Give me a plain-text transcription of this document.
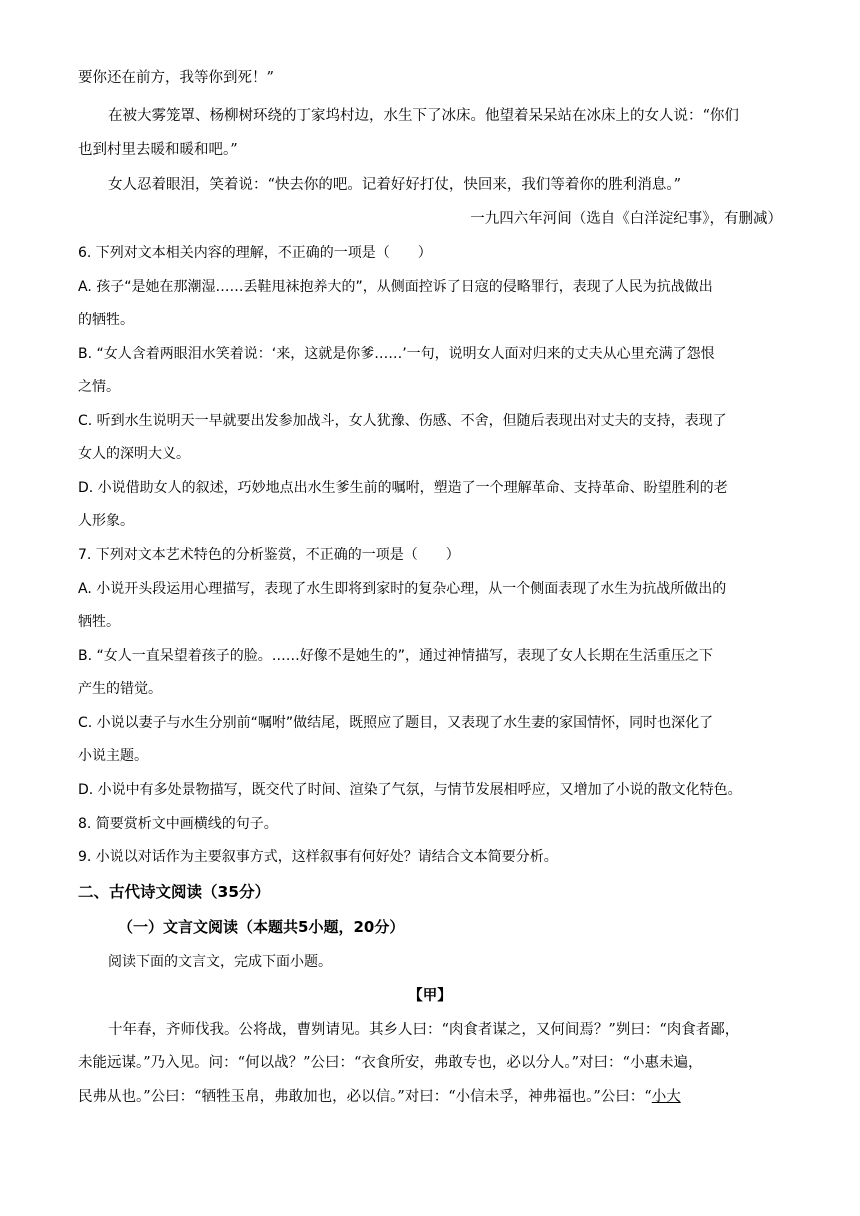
要你还在前方，我等你到死！”
在被大雾笼罩、杨柳树环绕的丁家坞村边，水生下了冰床。他望着呆呆站在冰床上的女人说：“你们
也到村里去暖和暖和吧。”
女人忍着眼泪，笑着说：“快去你的吧。记着好好打仗，快回来，我们等着你的胜利消息。”
一九四六年河间（选自《白洋淀纪事》，有删减）
6. 下列对文本相关内容的理解，不正确的一项是（　　）
A. 孩子“是她在那潮湿……丢鞋甩袜抱养大的”，从侧面控诉了日寇的侵略罪行，表现了人民为抗战做出
的牺牲。
B. “女人含着两眼泪水笑着说：‘来，这就是你爹……’一句，说明女人面对归来的丈夫从心里充满了怨恨
之情。
C. 听到水生说明天一早就要出发参加战斗，女人犹豫、伤感、不舍，但随后表现出对丈夫的支持，表现了
女人的深明大义。
D. 小说借助女人的叙述，巧妙地点出水生爹生前的嘱咐，塑造了一个理解革命、支持革命、盼望胜利的老
人形象。
7. 下列对文本艺术特色的分析鉴赏，不正确的一项是（　　）
A. 小说开头段运用心理描写，表现了水生即将到家时的复杂心理，从一个侧面表现了水生为抗战所做出的
牺牲。
B. “女人一直呆望着孩子的脸。……好像不是她生的”，通过神情描写，表现了女人长期在生活重压之下
产生的错觉。
C. 小说以妻子与水生分别前“嘱咐”做结尾，既照应了题目，又表现了水生妻的家国情怀，同时也深化了
小说主题。
D. 小说中有多处景物描写，既交代了时间、渲染了气氛，与情节发展相呼应，又增加了小说的散文化特色。
8. 简要赏析文中画横线的句子。
9. 小说以对话作为主要叙事方式，这样叙事有何好处？请结合文本简要分析。
二、古代诗文阅读（35分）
（一）文言文阅读（本题共5小题，20分）
阅读下面的文言文，完成下面小题。
【甲】
十年春，齐师伐我。公将战，曹刿请见。其乡人曰：“肉食者谋之，又何间焉？”刿曰：“肉食者鄙，
未能远谋。”乃入见。问：“何以战？”公曰：“衣食所安，弗敢专也，必以分人。”对曰：“小惠未遍，
民弗从也。”公曰：“牺牲玉帛，弗敢加也，必以信。”对曰：“小信未孚，神弗福也。”公曰：“小大
